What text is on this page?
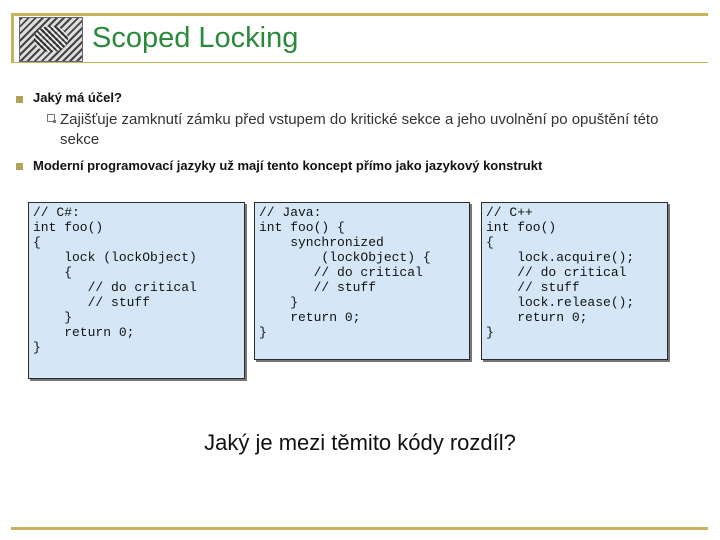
Scoped Locking
Jaký má účel?
Zajišťuje zamknutí zámku před vstupem do kritické sekce a jeho uvolnění po opuštění této sekce
Moderní programovací jazyky už mají tento koncept přímo jako jazykový konstrukt
// C#:
int foo()
{
lock (lockObject)
{
// do critical
// stuff
}
return 0;
}
// Java:
int foo() {
synchronized
(lockObject) {
// do critical
// stuff
}
return 0;
}
// C++
int foo()
{
lock.acquire();
// do critical
// stuff
lock.release();
return 0;
}
Jaký je mezi těmito kódy rozdíl?
